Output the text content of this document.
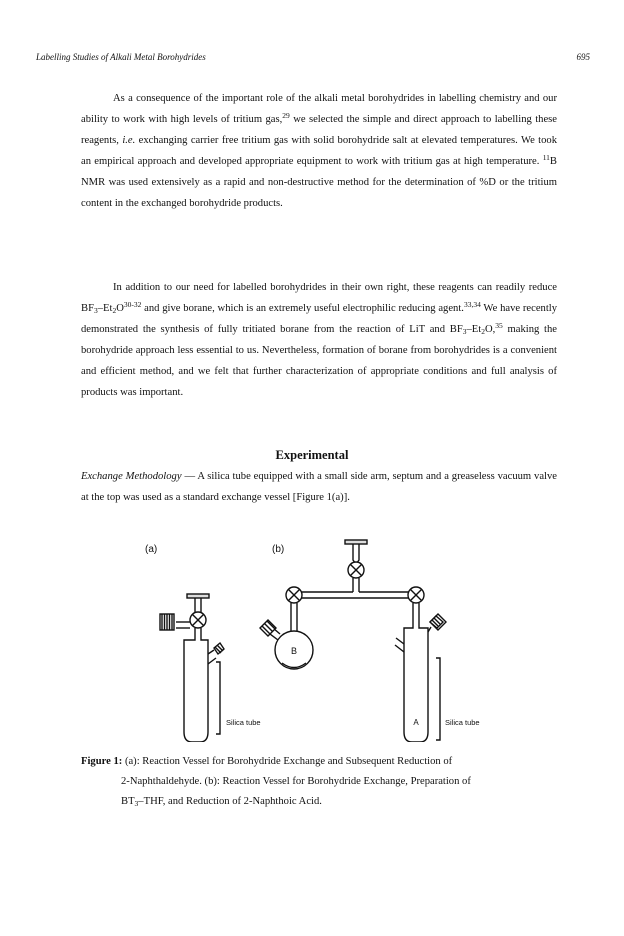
Labelling Studies of Alkali Metal Borohydrides	695

As a consequence of the important role of the alkali metal borohydrides in labelling chemistry and our ability to work with high levels of tritium gas,$^{29}$ we selected the simple and direct approach to labelling these reagents, i.e. exchanging carrier free tritium gas with solid borohydride salt at elevated temperatures. We took an empirical approach and developed appropriate equipment to work with tritium gas at high temperature. $^{11}$B NMR was used extensively as a rapid and non-destructive method for the determination of %D or the tritium content in the exchanged borohydride products.

In addition to our need for labelled borohydrides in their own right, these reagents can readily reduce $BF_3-Et_2O^{30-32}$ and give borane, which is an extremely useful electrophilic reducing agent.$^{33,34}$ We have recently demonstrated the synthesis of fully tritiated borane from the reaction of LiT and $BF_3-Et_2O,^{35}$ making the borohydride approach less essential to us. Nevertheless, formation of borane from borohydrides is a convenient and efficient method, and we felt that further characterization of appropriate conditions and full analysis of products was important.

Experimental

Exchange Methodology — A silica tube equipped with a small side arm, septum and a greaseless vacuum valve at the top was used as a standard exchange vessel [Figure 1(a)].

(a)
Silica tube
(b)
B
A	Silica tube
Figure 1: (a): Reaction Vessel for Borohydride Exchange and Subsequent Reduction of
2-Naphthaldehyde. (b): Reaction Vessel for Borohydride Exchange, Preparation of
$BT_3$–THF, and Reduction of 2-Naphthoic Acid.
